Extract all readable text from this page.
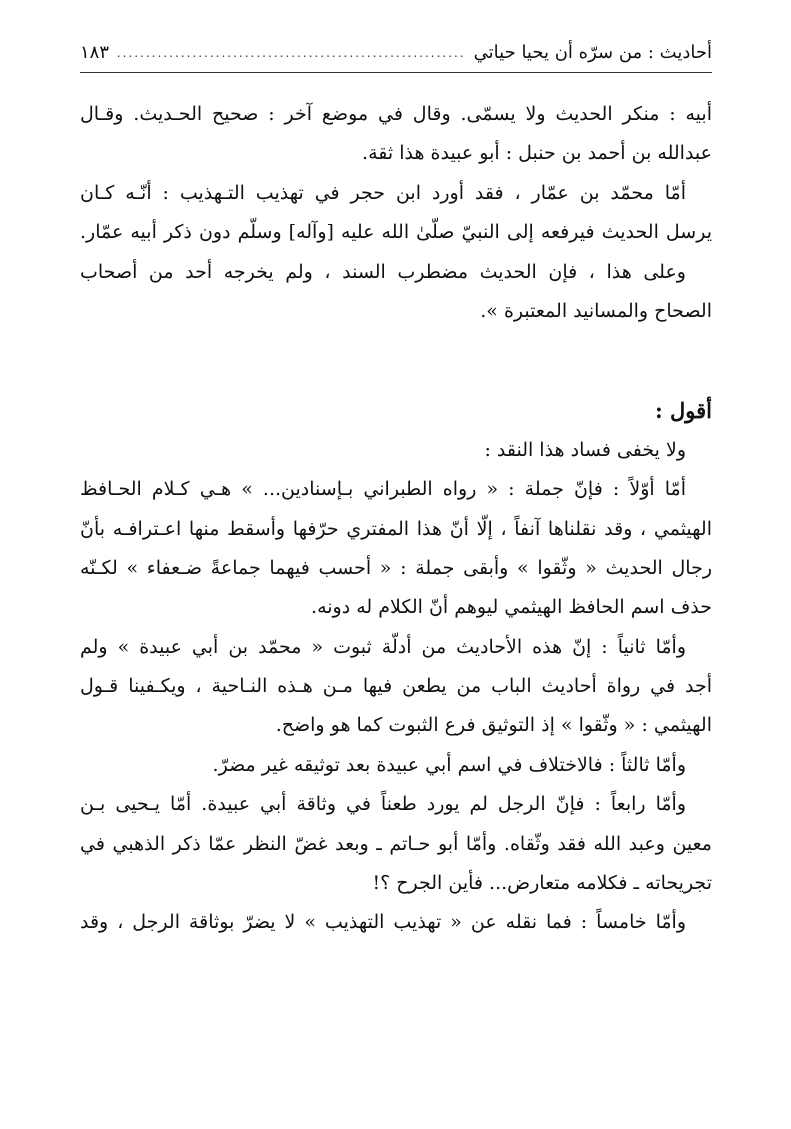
أحاديث : من سرّه أن يحيا حياتي
.....
١٨٣
أبيه : منكر الحديث ولا يسمّى. وقال في موضع آخر : صحيح الحـديث. وقـال
عبدالله بن أحمد بن حنبل : أبو عبيدة هذا ثقة.
أمّا محمّد بن عمّار ، فقد أورد ابن حجر في تهذيب التـهذيب : أنّـه كـان
يرسل الحديث فيرفعه إلى النبيّ صلّىٰ الله عليه [وآله] وسلّم دون ذكر أبيه عمّار.
وعلى هذا ، فإن الحديث مضطرب السند ، ولم يخرجه أحد من أصحاب
الصحاح والمسانيد المعتبرة ».
أقول :
ولا يخفى فساد هذا النقد :
أمّا أوّلاً : فإنّ جملة : « رواه الطبراني بـإسنادين... » هـي كـلام الحـافظ
الهيثمي ، وقد نقلناها آنفاً ، إلّا أنّ هذا المفتري حرّفها وأسقط منها اعـترافـه بأنّ
رجال الحديث « وثّقوا » وأبقى جملة : « أحسب فيهما جماعةً ضـعفاء » لكـنّه
حذف اسم الحافظ الهيثمي ليوهم أنّ الكلام له دونه.
وأمّا ثانياً : إنّ هذه الأحاديث من أدلّة ثبوت « محمّد بن أبي عبيدة » ولم
أجد في رواة أحاديث الباب من يطعن فيها مـن هـذه النـاحية ، ويكـفينا قـول
الهيثمي : « وثّقوا » إذ التوثيق فرع الثبوت كما هو واضح.
وأمّا ثالثاً : فالاختلاف في اسم أبي عبيدة بعد توثيقه غير مضرّ.
وأمّا رابعاً : فإنّ الرجل لم يورد طعناً في وثاقة أبي عبيدة. أمّا يـحيى بـن
معين وعبد الله فقد وثّقاه. وأمّا أبو حـاتم ـ وبعد غضّ النظر عمّا ذكر الذهبي في
تجريحاته ـ فكلامه متعارض... فأين الجرح ؟!
وأمّا خامساً : فما نقله عن « تهذيب التهذيب » لا يضرّ بوثاقة الرجل ، وقد
